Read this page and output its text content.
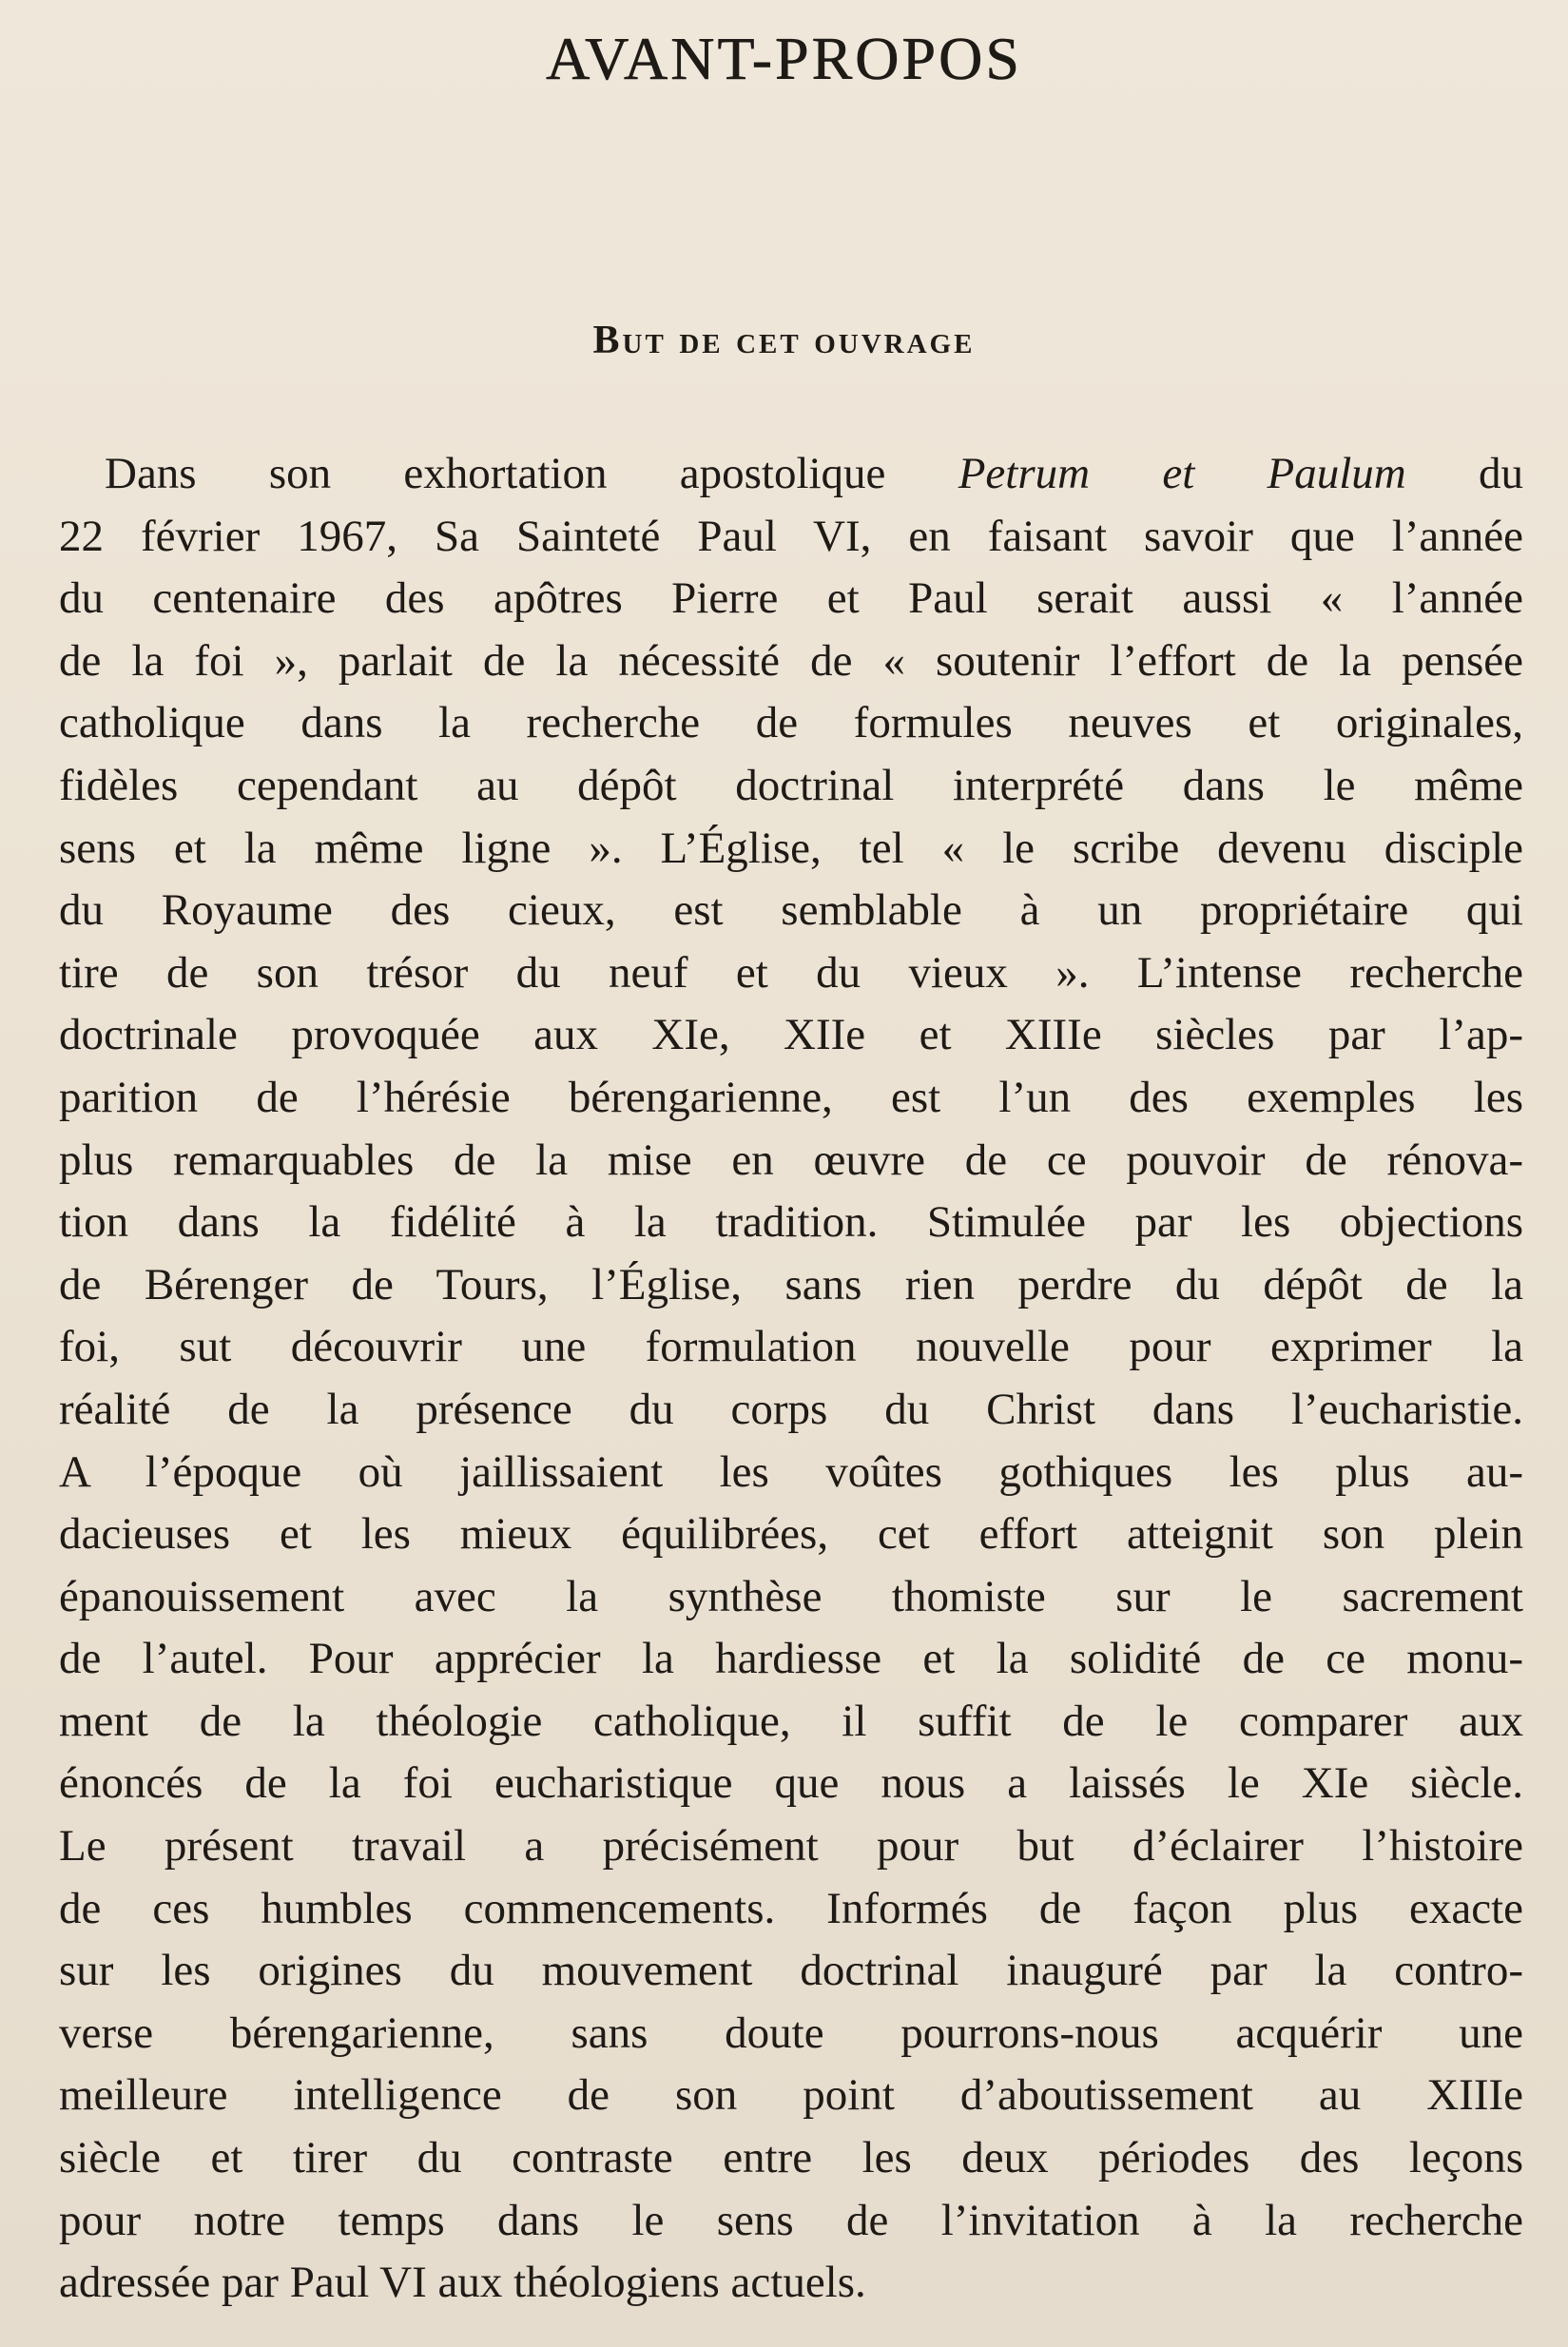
AVANT-PROPOS
But de cet ouvrage
Dans son exhortation apostolique Petrum et Paulum du
22 février 1967, Sa Sainteté Paul VI, en faisant savoir que l’année
du centenaire des apôtres Pierre et Paul serait aussi « l’année
de la foi », parlait de la nécessité de « soutenir l’effort de la pensée
catholique dans la recherche de formules neuves et originales,
fidèles cependant au dépôt doctrinal interprété dans le même
sens et la même ligne ». L’Église, tel « le scribe devenu disciple
du Royaume des cieux, est semblable à un propriétaire qui
tire de son trésor du neuf et du vieux ». L’intense recherche
doctrinale provoquée aux XIe, XIIe et XIIIe siècles par l’ap-
parition de l’hérésie bérengarienne, est l’un des exemples les
plus remarquables de la mise en œuvre de ce pouvoir de rénova-
tion dans la fidélité à la tradition. Stimulée par les objections
de Bérenger de Tours, l’Église, sans rien perdre du dépôt de la
foi, sut découvrir une formulation nouvelle pour exprimer la
réalité de la présence du corps du Christ dans l’eucharistie.
A l’époque où jaillissaient les voûtes gothiques les plus au-
dacieuses et les mieux équilibrées, cet effort atteignit son plein
épanouissement avec la synthèse thomiste sur le sacrement
de l’autel. Pour apprécier la hardiesse et la solidité de ce monu-
ment de la théologie catholique, il suffit de le comparer aux
énoncés de la foi eucharistique que nous a laissés le XIe siècle.
Le présent travail a précisément pour but d’éclairer l’histoire
de ces humbles commencements. Informés de façon plus exacte
sur les origines du mouvement doctrinal inauguré par la contro-
verse bérengarienne, sans doute pourrons-nous acquérir une
meilleure intelligence de son point d’aboutissement au XIIIe
siècle et tirer du contraste entre les deux périodes des leçons
pour notre temps dans le sens de l’invitation à la recherche
adressée par Paul VI aux théologiens actuels.
